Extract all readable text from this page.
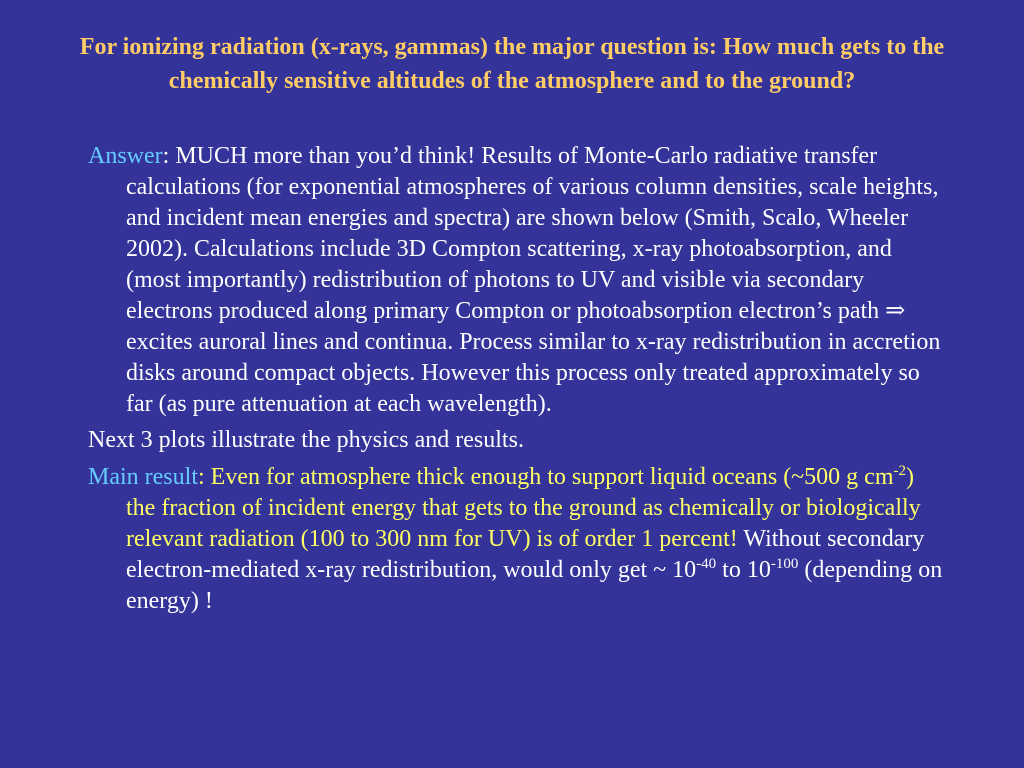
For ionizing radiation (x-rays, gammas) the major question is: How much gets to the chemically sensitive altitudes of the atmosphere and to the ground?

Answer: MUCH more than you’d think! Results of Monte-Carlo radiative transfer calculations (for exponential atmospheres of various column densities, scale heights, and incident mean energies and spectra) are shown below (Smith, Scalo, Wheeler 2002). Calculations include 3D Compton scattering, x-ray photoabsorption, and (most importantly) redistribution of photons to UV and visible via secondary electrons produced along primary Compton or photoabsorption electron’s path ⇒ excites auroral lines and continua. Process similar to x-ray redistribution in accretion disks around compact objects. However this process only treated approximately so far (as pure attenuation at each wavelength).

Next 3 plots illustrate the physics and results.

Main result: Even for atmosphere thick enough to support liquid oceans (~500 g $cm^{-2}$) the fraction of incident energy that gets to the ground as chemically or biologically relevant radiation (100 to 300 nm for UV) is of order 1 percent! Without secondary electron-mediated x-ray redistribution, would only get ~ $10^{-40}$ to $10^{-100}$ (depending on energy) !
